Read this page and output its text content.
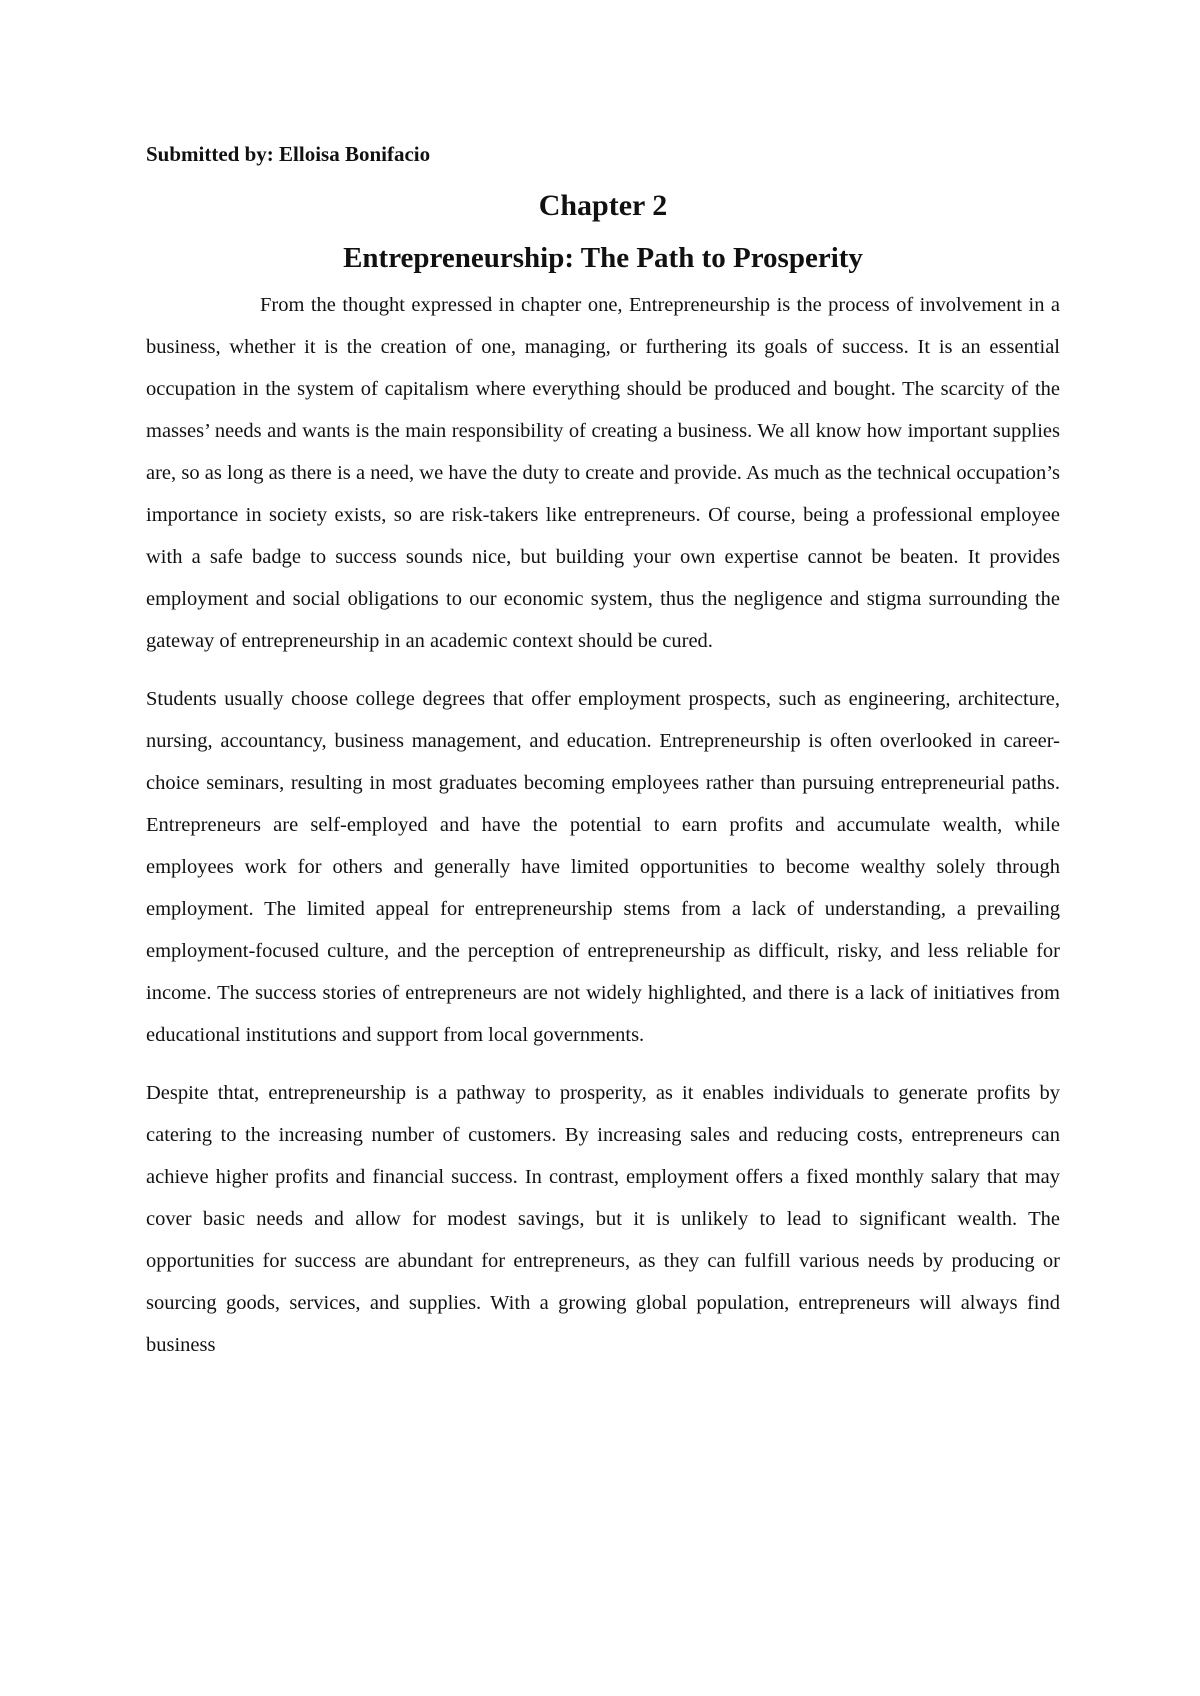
Submitted by: Elloisa Bonifacio

Chapter 2
Entrepreneurship: The Path to Prosperity

From the thought expressed in chapter one, Entrepreneurship is the process of involvement in a business, whether it is the creation of one, managing, or furthering its goals of success. It is an essential occupation in the system of capitalism where everything should be produced and bought. The scarcity of the masses’ needs and wants is the main responsibility of creating a business. We all know how important supplies are, so as long as there is a need, we have the duty to create and provide. As much as the technical occupation’s importance in society exists, so are risk-takers like entrepreneurs. Of course, being a professional employee with a safe badge to success sounds nice, but building your own expertise cannot be beaten. It provides employment and social obligations to our economic system, thus the negligence and stigma surrounding the gateway of entrepreneurship in an academic context should be cured.

Students usually choose college degrees that offer employment prospects, such as engineering, architecture, nursing, accountancy, business management, and education. Entrepreneurship is often overlooked in career-choice seminars, resulting in most graduates becoming employees rather than pursuing entrepreneurial paths. Entrepreneurs are self-employed and have the potential to earn profits and accumulate wealth, while employees work for others and generally have limited opportunities to become wealthy solely through employment. The limited appeal for entrepreneurship stems from a lack of understanding, a prevailing employment-focused culture, and the perception of entrepreneurship as difficult, risky, and less reliable for income. The success stories of entrepreneurs are not widely highlighted, and there is a lack of initiatives from educational institutions and support from local governments.

Despite thtat, entrepreneurship is a pathway to prosperity, as it enables individuals to generate profits by catering to the increasing number of customers. By increasing sales and reducing costs, entrepreneurs can achieve higher profits and financial success. In contrast, employment offers a fixed monthly salary that may cover basic needs and allow for modest savings, but it is unlikely to lead to significant wealth. The opportunities for success are abundant for entrepreneurs, as they can fulfill various needs by producing or sourcing goods, services, and supplies. With a growing global population, entrepreneurs will always find business
